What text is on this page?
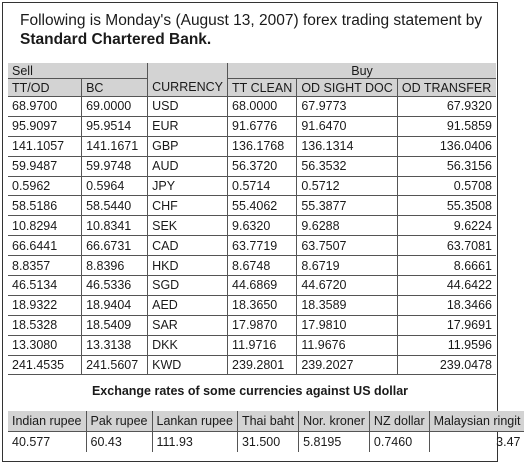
Following is Monday's (August 13, 2007) forex trading statement by Standard Chartered Bank.
Sell			Buy		
TT/OD	BC	CURRENCY	TT CLEAN	OD SIGHT DOC	OD TRANSFER
68.9700	69.0000	USD	68.0000	67.9773	67.9320
95.9097	95.9514	EUR	91.6776	91.6470	91.5859
141.1057	141.1671	GBP	136.1768	136.1314	136.0406
59.9487	59.9748	AUD	56.3720	56.3532	56.3156
0.5962	0.5964	JPY	0.5714	0.5712	0.5708
58.5186	58.5440	CHF	55.4062	55.3877	55.3508
10.8294	10.8341	SEK	9.6320	9.6288	9.6224
66.6441	66.6731	CAD	63.7719	63.7507	63.7081
8.8357	8.8396	HKD	8.6748	8.6719	8.6661
46.5134	46.5336	SGD	44.6869	44.6720	44.6422
18.9322	18.9404	AED	18.3650	18.3589	18.3466
18.5328	18.5409	SAR	17.9870	17.9810	17.9691
13.3080	13.3138	DKK	11.9716	11.9676	11.9596
241.4535	241.5607	KWD	239.2801	239.2027	239.0478
Exchange rates of some currencies against US dollar
Indian rupee	Pak rupee	Lankan rupee	Thai baht	Nor. kroner	NZ dollar	Malaysian ringit
40.577	60.43	111.93	31.500	5.8195	0.7460	3.47
